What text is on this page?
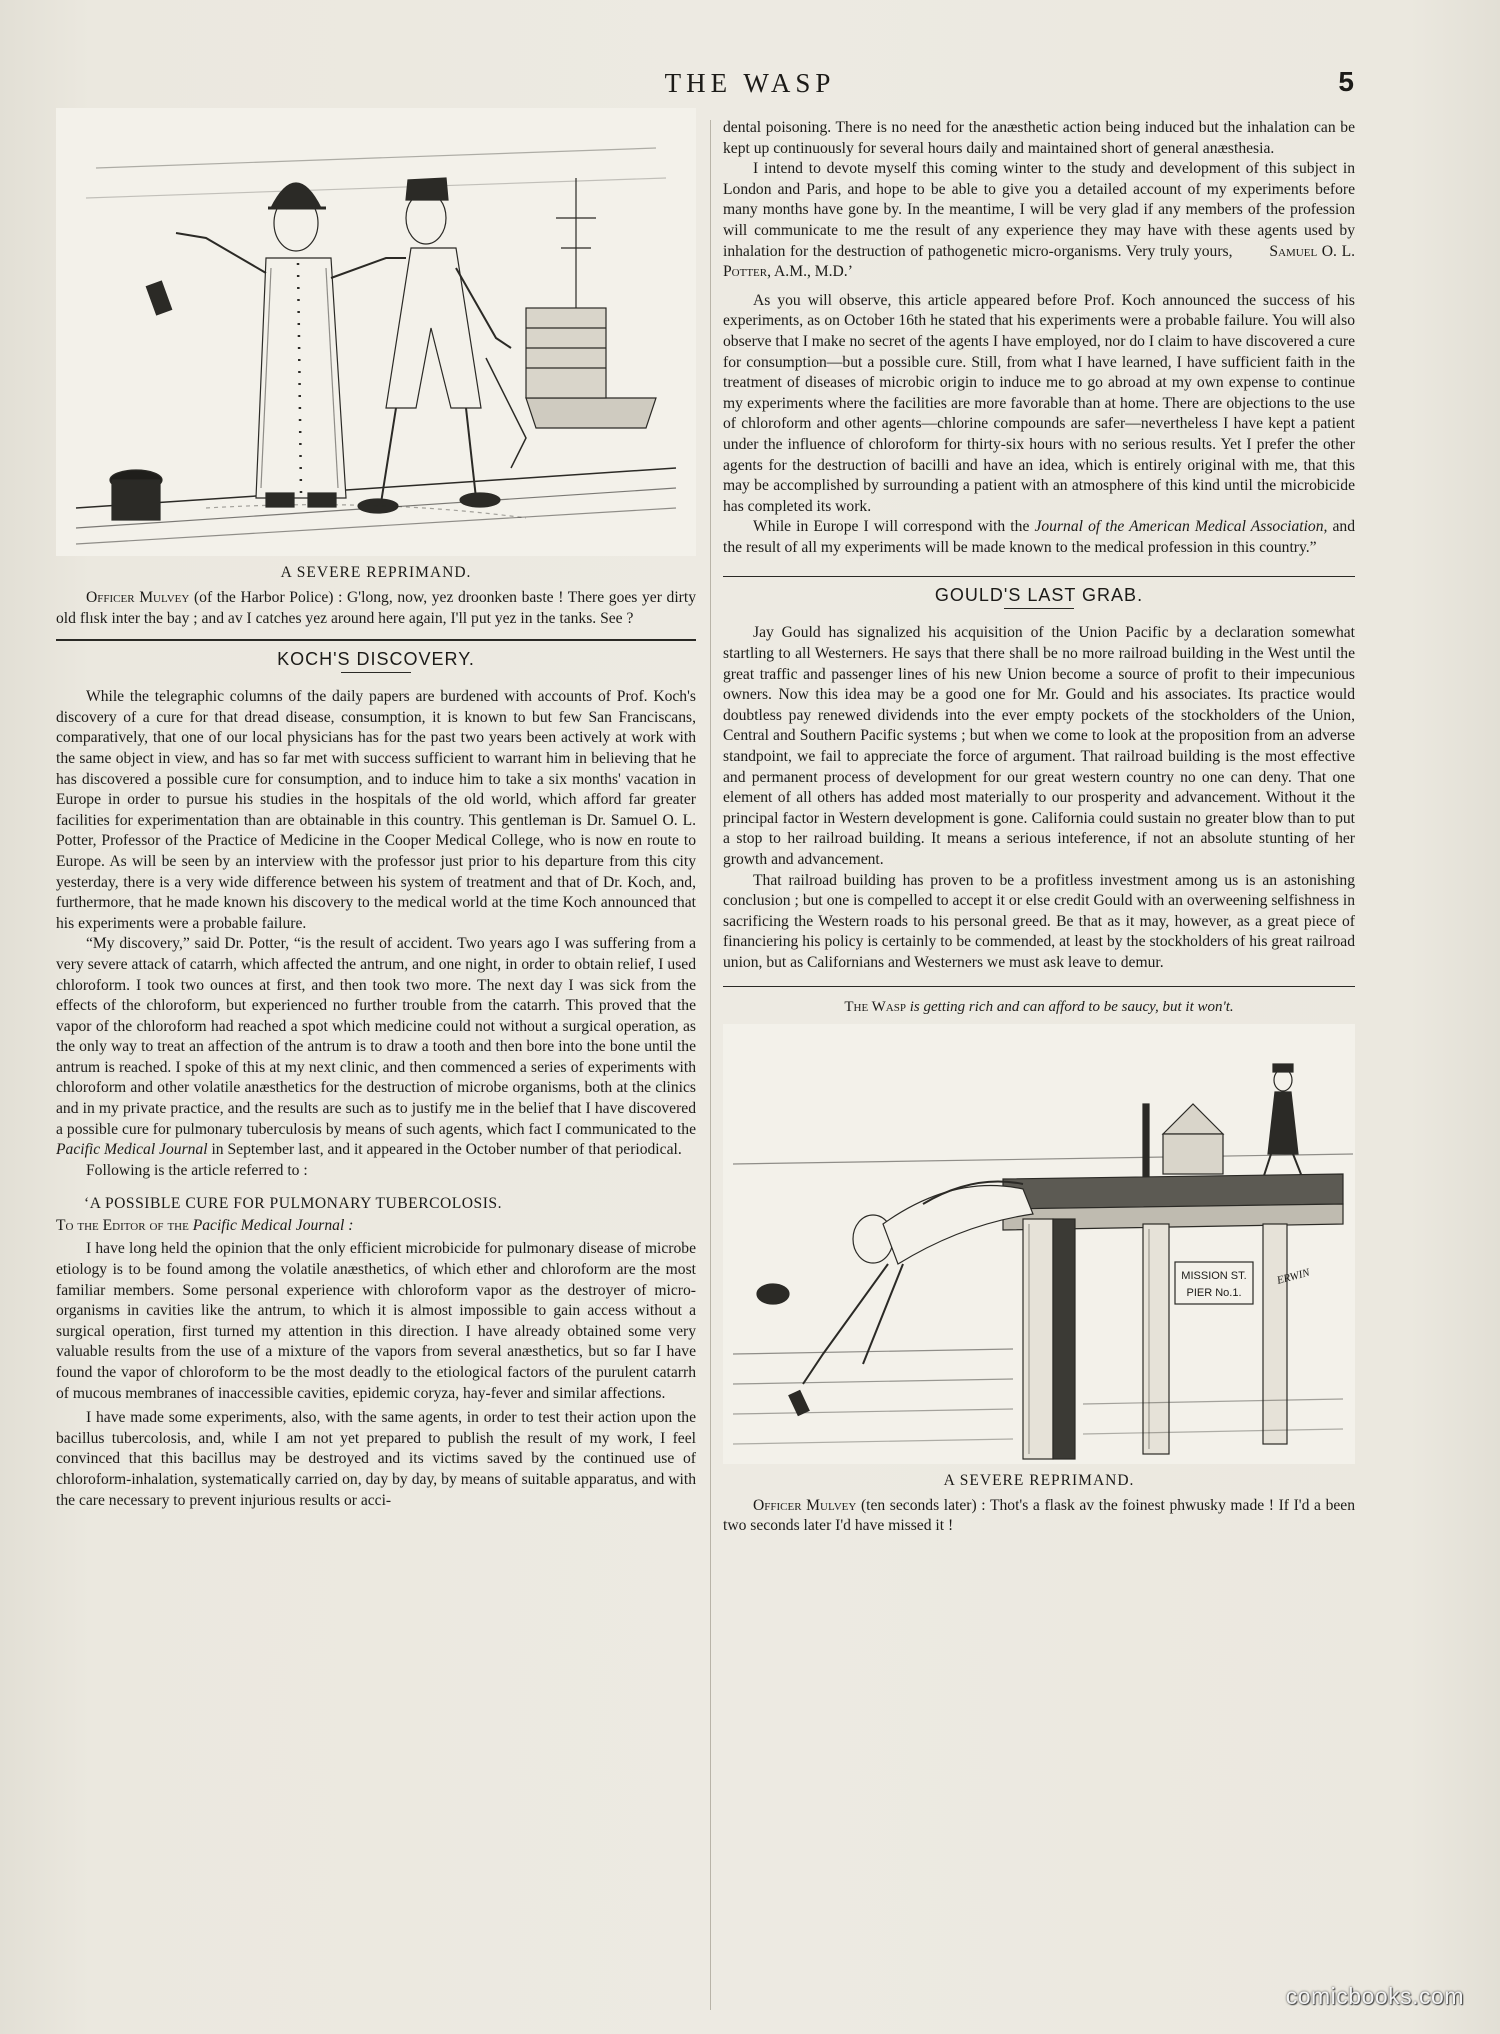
THE WASP	5
A SEVERE REPRIMAND.

Officer Mulvey (of the Harbor Police) : G'long, now, yez droonken baste ! There goes yer dirty old flısk inter the bay ; and av I catches yez around here again, I'll put yez in the tanks. See ?

KOCH'S DISCOVERY.

While the telegraphic columns of the daily papers are burdened with accounts of Prof. Koch's discovery of a cure for that dread disease, consumption, it is known to but few San Franciscans, comparatively, that one of our local physicians has for the past two years been actively at work with the same object in view, and has so far met with success sufficient to warrant him in believing that he has discovered a possible cure for consumption, and to induce him to take a six months' vacation in Europe in order to pursue his studies in the hospitals of the old world, which afford far greater facilities for experimentation than are obtainable in this country. This gentleman is Dr. Samuel O. L. Potter, Professor of the Practice of Medicine in the Cooper Medical College, who is now en route to Europe. As will be seen by an interview with the professor just prior to his departure from this city yesterday, there is a very wide difference between his system of treatment and that of Dr. Koch, and, furthermore, that he made known his discovery to the medical world at the time Koch announced that his experiments were a probable failure.

“My discovery,” said Dr. Potter, “is the result of accident. Two years ago I was suffering from a very severe attack of catarrh, which affected the antrum, and one night, in order to obtain relief, I used chloroform. I took two ounces at first, and then took two more. The next day I was sick from the effects of the chloroform, but experienced no further trouble from the catarrh. This proved that the vapor of the chloroform had reached a spot which medicine could not without a surgical operation, as the only way to treat an affection of the antrum is to draw a tooth and then bore into the bone until the antrum is reached. I spoke of this at my next clinic, and then commenced a series of experiments with chloroform and other volatile anæsthetics for the destruction of microbe organisms, both at the clinics and in my private practice, and the results are such as to justify me in the belief that I have discovered a possible cure for pulmonary tuberculosis by means of such agents, which fact I communicated to the Pacific Medical Journal in September last, and it appeared in the October number of that periodical.

Following is the article referred to :

‘A POSSIBLE CURE FOR PULMONARY TUBERCOLOSIS.
To the Editor of the Pacific Medical Journal :

I have long held the opinion that the only efficient microbicide for pulmonary disease of microbe etiology is to be found among the volatile anæsthetics, of which ether and chloroform are the most familiar members. Some personal experience with chloroform vapor as the destroyer of micro-organisms in cavities like the antrum, to which it is almost impossible to gain access without a surgical operation, first turned my attention in this direction. I have already obtained some very valuable results from the use of a mixture of the vapors from several anæsthetics, but so far I have found the vapor of chloroform to be the most deadly to the etiological factors of the purulent catarrh of mucous membranes of inaccessible cavities, epidemic coryza, hay-fever and similar affections.

I have made some experiments, also, with the same agents, in order to test their action upon the bacillus tubercolosis, and, while I am not yet prepared to publish the result of my work, I feel convinced that this bacillus may be destroyed and its victims saved by the continued use of chloroform-inhalation, systematically carried on, day by day, by means of suitable apparatus, and with the care necessary to prevent injurious results or acci-

dental poisoning. There is no need for the anæsthetic action being induced but the inhalation can be kept up continuously for several hours daily and maintained short of general anæsthesia.

I intend to devote myself this coming winter to the study and development of this subject in London and Paris, and hope to be able to give you a detailed account of my experiments before many months have gone by. In the meantime, I will be very glad if any members of the profession will communicate to me the result of any experience they may have with these agents used by inhalation for the destruction of pathogenetic micro-organisms. Very truly yours, Samuel O. L. Potter, A.M., M.D.’

As you will observe, this article appeared before Prof. Koch announced the success of his experiments, as on October 16th he stated that his experiments were a probable failure. You will also observe that I make no secret of the agents I have employed, nor do I claim to have discovered a cure for consumption—but a possible cure. Still, from what I have learned, I have sufficient faith in the treatment of diseases of microbic origin to induce me to go abroad at my own expense to continue my experiments where the facilities are more favorable than at home. There are objections to the use of chloroform and other agents—chlorine compounds are safer—nevertheless I have kept a patient under the influence of chloroform for thirty-six hours with no serious results. Yet I prefer the other agents for the destruction of bacilli and have an idea, which is entirely original with me, that this may be accomplished by surrounding a patient with an atmosphere of this kind until the microbicide has completed its work.

While in Europe I will correspond with the Journal of the American Medical Association, and the result of all my experiments will be made known to the medical profession in this country.”

GOULD'S LAST GRAB.

Jay Gould has signalized his acquisition of the Union Pacific by a declaration somewhat startling to all Westerners. He says that there shall be no more railroad building in the West until the great traffic and passenger lines of his new Union become a source of profit to their impecunious owners. Now this idea may be a good one for Mr. Gould and his associates. Its practice would doubtless pay renewed dividends into the ever empty pockets of the stockholders of the Union, Central and Southern Pacific systems ; but when we come to look at the proposition from an adverse standpoint, we fail to appreciate the force of argument. That railroad building is the most effective and permanent process of development for our great western country no one can deny. That one element of all others has added most materially to our prosperity and advancement. Without it the principal factor in Western development is gone. California could sustain no greater blow than to put a stop to her railroad building. It means a serious inteference, if not an absolute stunting of her growth and advancement.

That railroad building has proven to be a profitless investment among us is an astonishing conclusion ; but one is compelled to accept it or else credit Gould with an overweening selfishness in sacrificing the Western roads to his personal greed. Be that as it may, however, as a great piece of financiering his policy is certainly to be commended, at least by the stockholders of his great railroad union, but as Californians and Westerners we must ask leave to demur.

The Wasp is getting rich and can afford to be saucy, but it won't.
MISSION ST.
PIER No.1.
ERWIN
A SEVERE REPRIMAND.

Officer Mulvey (ten seconds later) : Thot's a flask av the foinest phwusky made ! If I'd a been two seconds later I'd have missed it !

comicbooks.com
